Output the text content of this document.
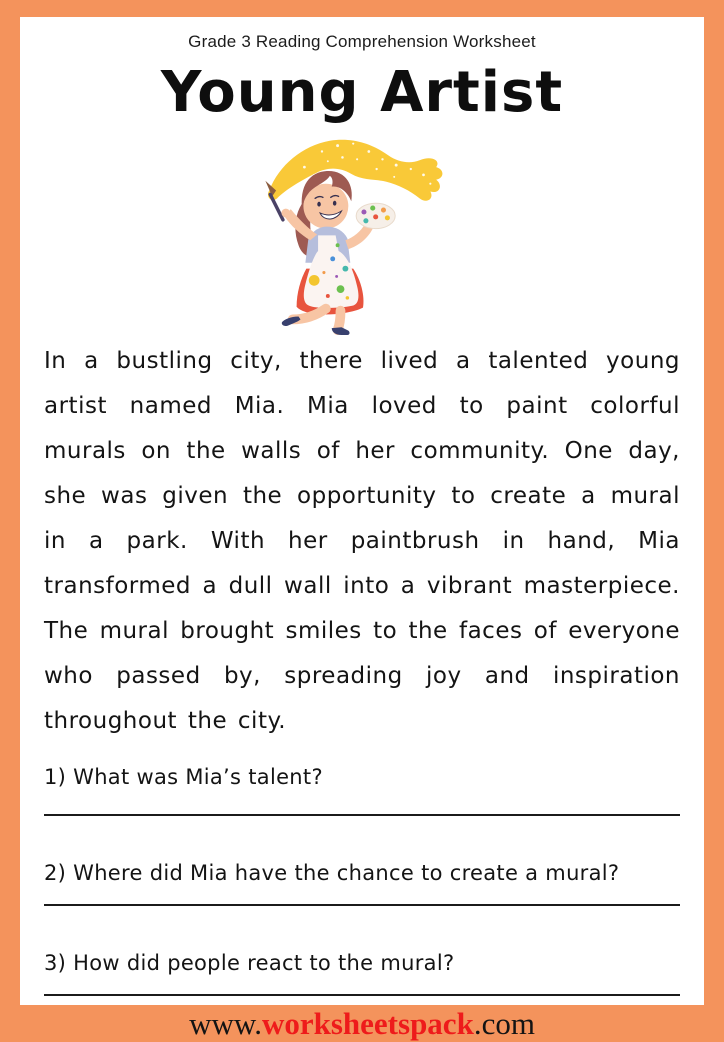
Grade 3 Reading Comprehension Worksheet
Young Artist

In a bustling city, there lived a talented young artist named Mia. Mia loved to paint colorful murals on the walls of her community. One day, she was given the opportunity to create a mural in a park. With her paintbrush in hand, Mia transformed a dull wall into a vibrant masterpiece. The mural brought smiles to the faces of everyone who passed by, spreading joy and inspiration throughout the city.

1) What was Mia’s talent?
2) Where did Mia have the chance to create a mural?
3) How did people react to the mural?
www.worksheetspack.com
